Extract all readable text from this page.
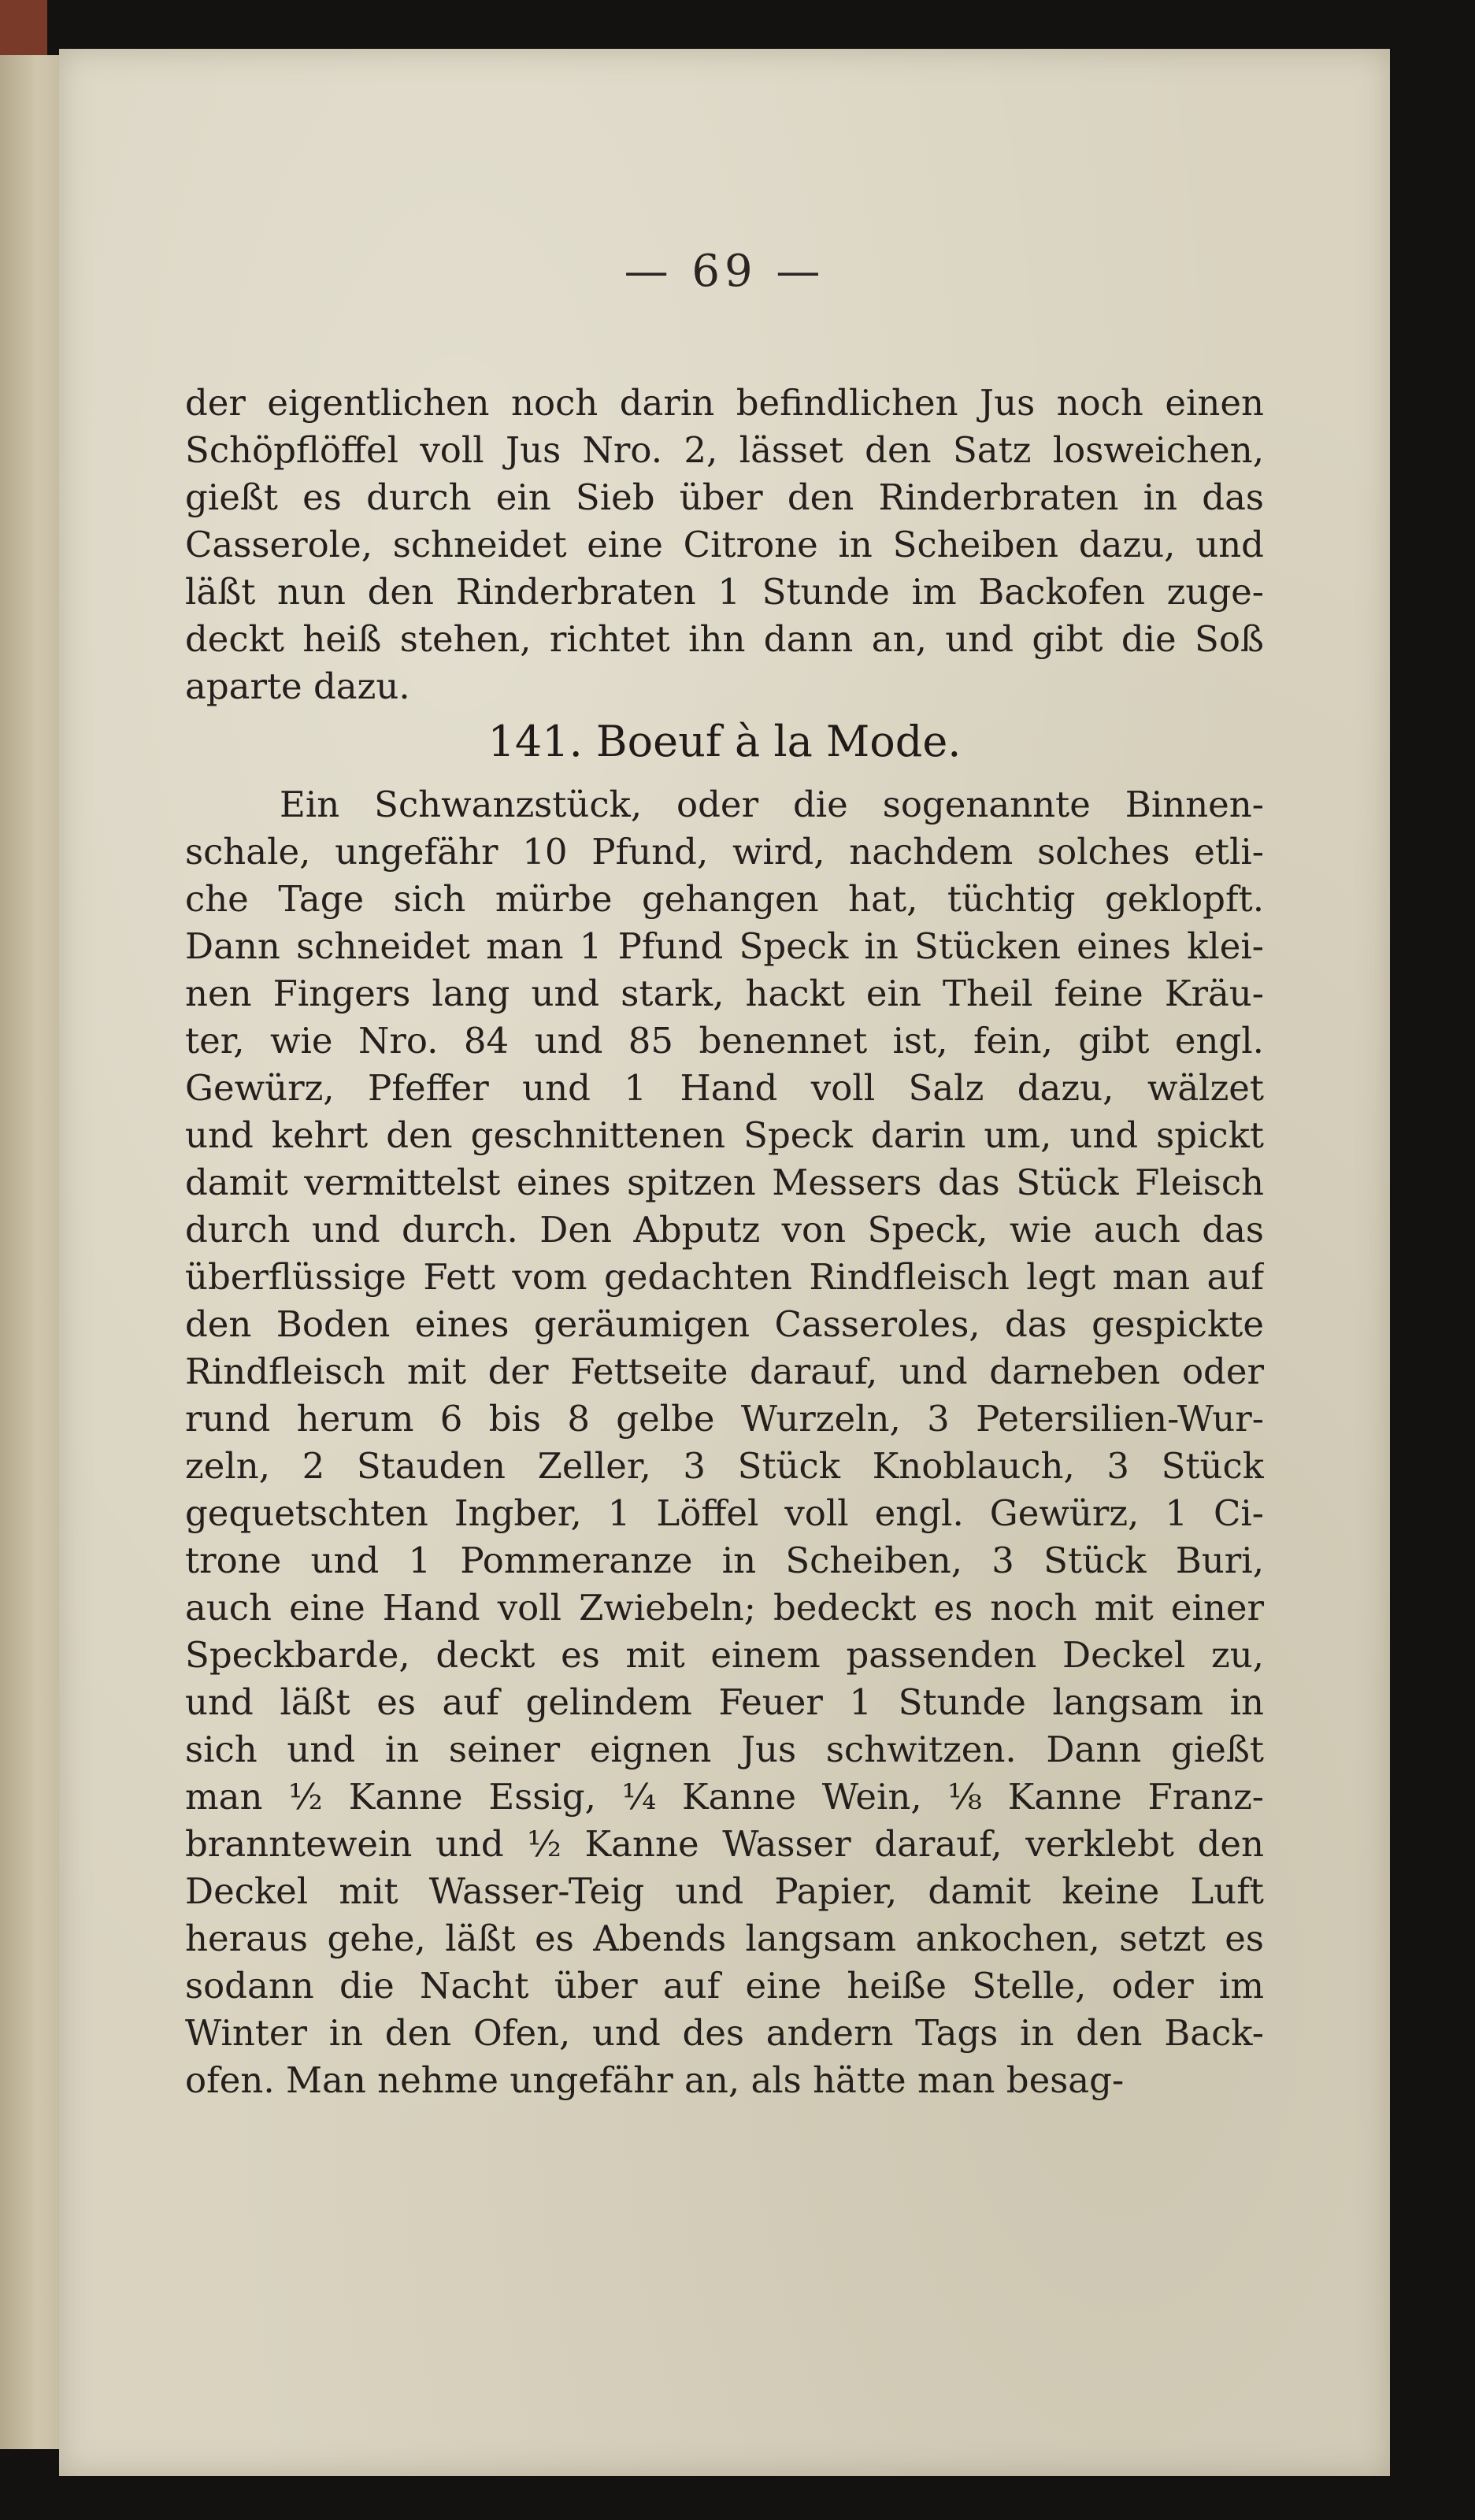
— 69 —
der eigentlichen noch darin befindlichen Jus noch einen
Schöpflöffel voll Jus Nro. 2, lässet den Satz losweichen,
gießt es durch ein Sieb über den Rinderbraten in das
Casserole, schneidet eine Citrone in Scheiben dazu, und
läßt nun den Rinderbraten 1 Stunde im Backofen zuge-
deckt heiß stehen, richtet ihn dann an, und gibt die Soß
aparte dazu.
141. Boeuf à la Mode.
Ein Schwanzstück, oder die sogenannte Binnen-
schale, ungefähr 10 Pfund, wird, nachdem solches etli-
che Tage sich mürbe gehangen hat, tüchtig geklopft.
Dann schneidet man 1 Pfund Speck in Stücken eines klei-
nen Fingers lang und stark, hackt ein Theil feine Kräu-
ter, wie Nro. 84 und 85 benennet ist, fein, gibt engl.
Gewürz, Pfeffer und 1 Hand voll Salz dazu, wälzet
und kehrt den geschnittenen Speck darin um, und spickt
damit vermittelst eines spitzen Messers das Stück Fleisch
durch und durch. Den Abputz von Speck, wie auch das
überflüssige Fett vom gedachten Rindfleisch legt man auf
den Boden eines geräumigen Casseroles, das gespickte
Rindfleisch mit der Fettseite darauf, und darneben oder
rund herum 6 bis 8 gelbe Wurzeln, 3 Petersilien-Wur-
zeln, 2 Stauden Zeller, 3 Stück Knoblauch, 3 Stück
gequetschten Ingber, 1 Löffel voll engl. Gewürz, 1 Ci-
trone und 1 Pommeranze in Scheiben, 3 Stück Buri,
auch eine Hand voll Zwiebeln; bedeckt es noch mit einer
Speckbarde, deckt es mit einem passenden Deckel zu,
und läßt es auf gelindem Feuer 1 Stunde langsam in
sich und in seiner eignen Jus schwitzen. Dann gießt
man ½ Kanne Essig, ¼ Kanne Wein, ⅛ Kanne Franz-
branntewein und ½ Kanne Wasser darauf, verklebt den
Deckel mit Wasser-Teig und Papier, damit keine Luft
heraus gehe, läßt es Abends langsam ankochen, setzt es
sodann die Nacht über auf eine heiße Stelle, oder im
Winter in den Ofen, und des andern Tags in den Back-
ofen. Man nehme ungefähr an, als hätte man besag-
